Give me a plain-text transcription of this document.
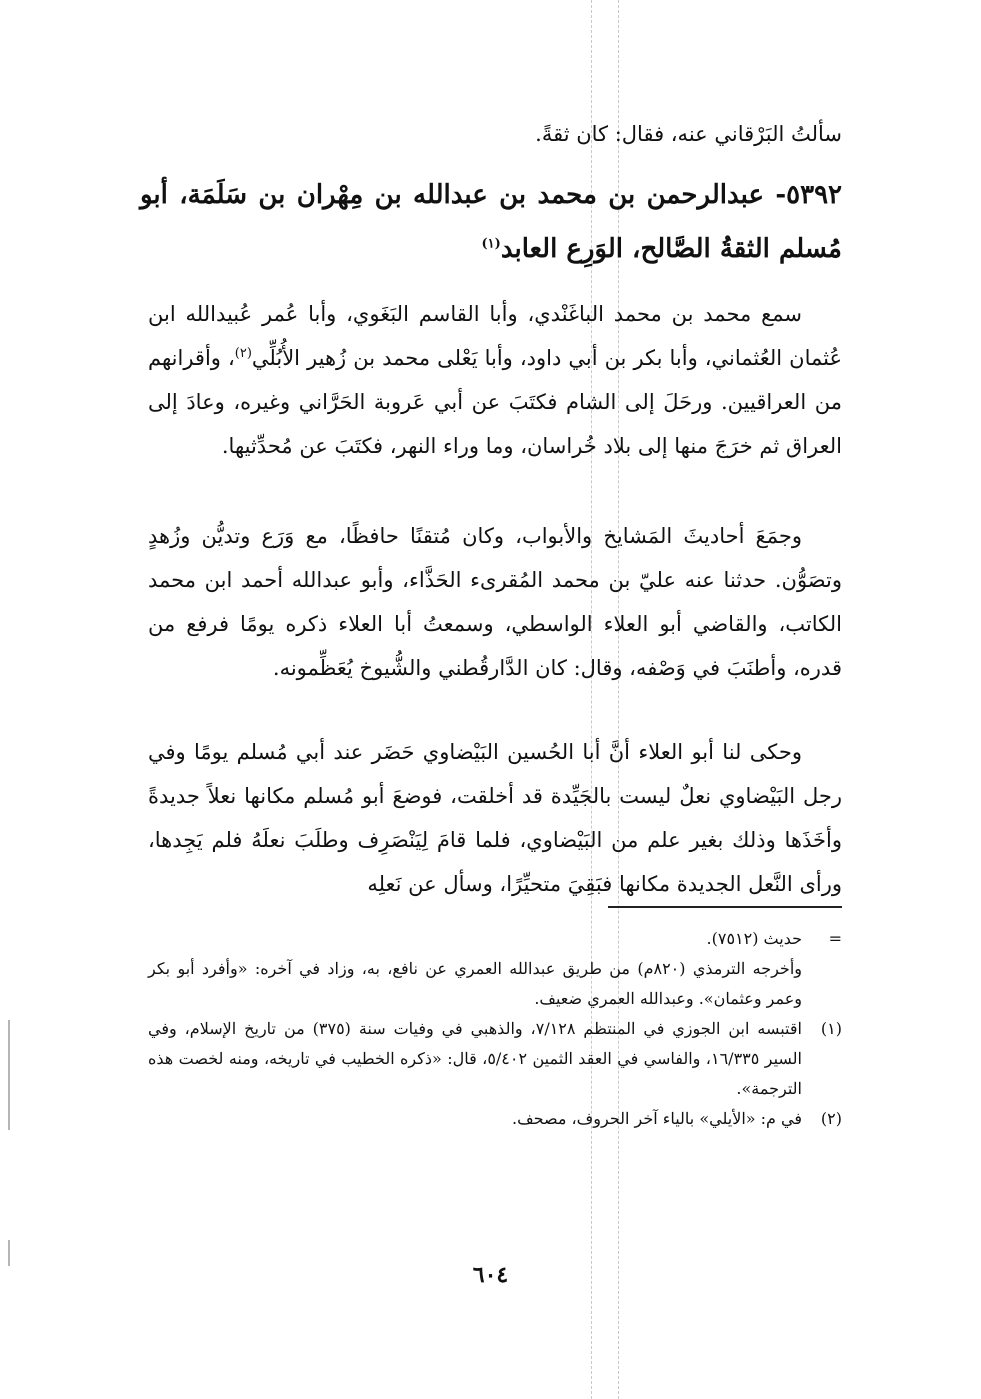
سألتُ البَرْقاني عنه، فقال: كان ثقةً.

٥٣٩٢- عبدالرحمن بن محمد بن عبدالله بن مِهْران بن سَلَمَة، أبو مُسلم الثقةُ الصَّالح، الوَرِع العابد$^{(١)}$

سمع محمد بن محمد الباغَنْدي، وأبا القاسم البَغَوي، وأبا عُمر عُبيدالله ابن عُثمان العُثماني، وأبا بكر بن أبي داود، وأبا يَعْلى محمد بن زُهير الأُبُلِّي$^{(٢)}$، وأقرانهم من العراقيين. ورحَلَ إلى الشام فكتَبَ عن أبي عَروبة الحَرَّاني وغيره، وعادَ إلى العراق ثم خرَجَ منها إلى بلاد خُراسان، وما وراء النهر، فكتَبَ عن مُحدِّثيها.

وجمَعَ أحاديثَ المَشايخ والأبواب، وكان مُتقنًا حافظًا، مع وَرَع وتديُّن وزُهدٍ وتصَوُّن. حدثنا عنه عليّ بن محمد المُقرىء الحَذَّاء، وأبو عبدالله أحمد ابن محمد الكاتب، والقاضي أبو العلاء الواسطي، وسمعتُ أبا العلاء ذكره يومًا فرفع من قدره، وأطنَبَ في وَصْفه، وقال: كان الدَّارقُطني والشُّيوخ يُعَظِّمونه.

وحكى لنا أبو العلاء أنَّ أبا الحُسين البَيْضاوي حَضَر عند أبي مُسلم يومًا وفي رجل البَيْضاوي نعلٌ ليست بالجَيِّدة قد أخلقت، فوضعَ أبو مُسلم مكانها نعلاً جديدةً وأخَذَها وذلك بغير علم من البَيْضاوي، فلما قامَ لِيَنْصَرِف وطلَبَ نعلَهُ فلم يَجِدها، ورأى النَّعل الجديدة مكانها فبَقِيَ متحيِّرًا، وسأل عن نَعلِه

=
حديث (٧٥١٢).
وأخرجه الترمذي (٨٢٠م) من طريق عبدالله العمري عن نافع، به، وزاد في آخره: «وأفرد أبو بكر وعمر وعثمان». وعبدالله العمري ضعيف.
(١)
اقتبسه ابن الجوزي في المنتظم ٧/١٢٨، والذهبي في وفيات سنة (٣٧٥) من تاريخ الإسلام، وفي السير ١٦/٣٣٥، والفاسي في العقد الثمين ٥/٤٠٢، قال: «ذكره الخطيب في تاريخه، ومنه لخصت هذه الترجمة».
(٢)
في م: «الأيلي» بالياء آخر الحروف، مصحف.
٦٠٤
